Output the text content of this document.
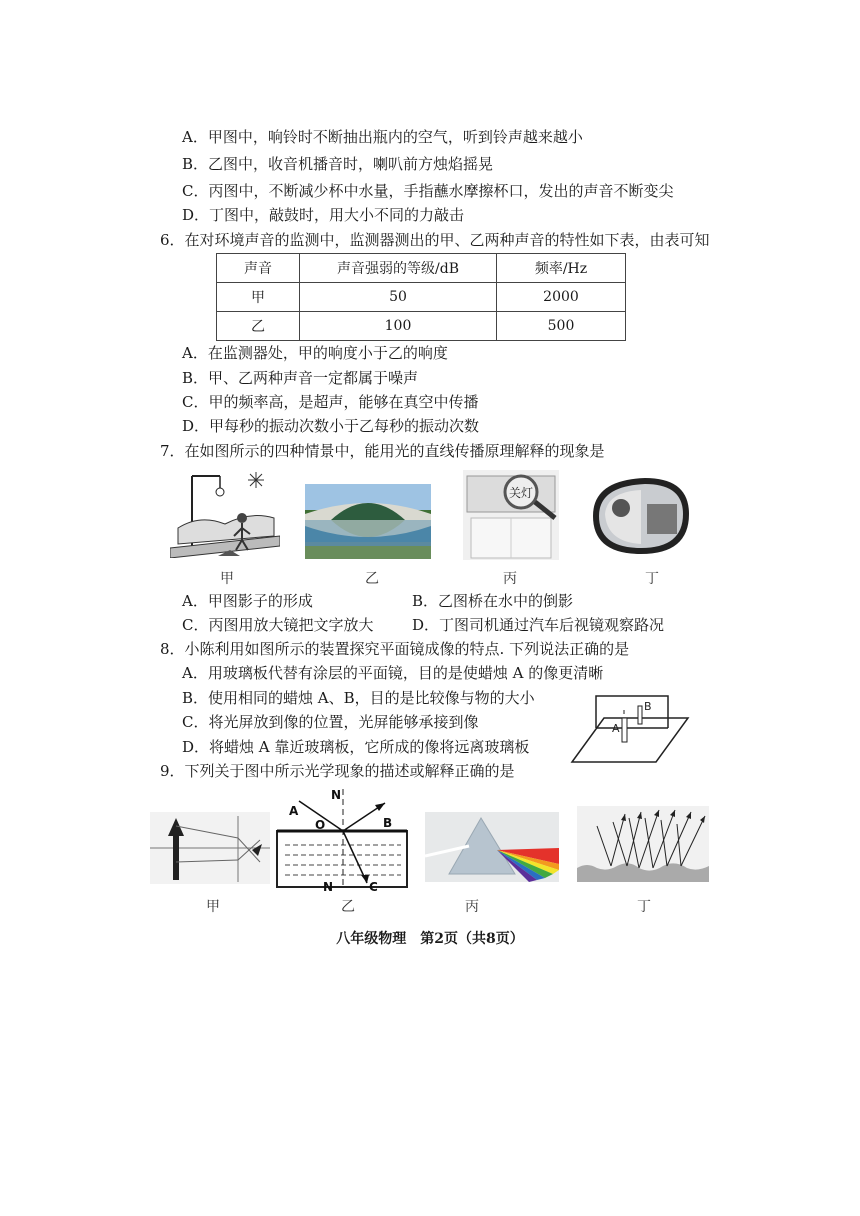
A．甲图中，响铃时不断抽出瓶内的空气，听到铃声越来越小
B．乙图中，收音机播音时，喇叭前方烛焰摇晃
C．丙图中，不断减少杯中水量，手指蘸水摩擦杯口，发出的声音不断变尖
D．丁图中，敲鼓时，用大小不同的力敲击
6．在对环境声音的监测中，监测器测出的甲、乙两种声音的特性如下表，由表可知
声音	声音强弱的等级/dB	频率/Hz
甲	50	2000
乙	100	500
A．在监测器处，甲的响度小于乙的响度
B．甲、乙两种声音一定都属于噪声
C．甲的频率高，是超声，能够在真空中传播
D．甲每秒的振动次数小于乙每秒的振动次数
7．在如图所示的四种情景中，能用光的直线传播原理解释的现象是
关灯
甲	乙	丙	丁
A．甲图影子的形成	B．乙图桥在水中的倒影
C．丙图用放大镜把文字放大	D．丁图司机通过汽车后视镜观察路况
8．小陈利用如图所示的装置探究平面镜成像的特点. 下列说法正确的是
A．用玻璃板代替有涂层的平面镜，目的是使蜡烛 A 的像更清晰
B．使用相同的蜡烛 A、B，目的是比较像与物的大小
C．将光屏放到像的位置，光屏能够承接到像
D．将蜡烛 A 靠近玻璃板，它所成的像将远离玻璃板
A
B
9．下列关于图中所示光学现象的描述或解释正确的是
N
A
O	B
N	C
甲	乙	丙	丁
八年级物理　第2页（共8页）
